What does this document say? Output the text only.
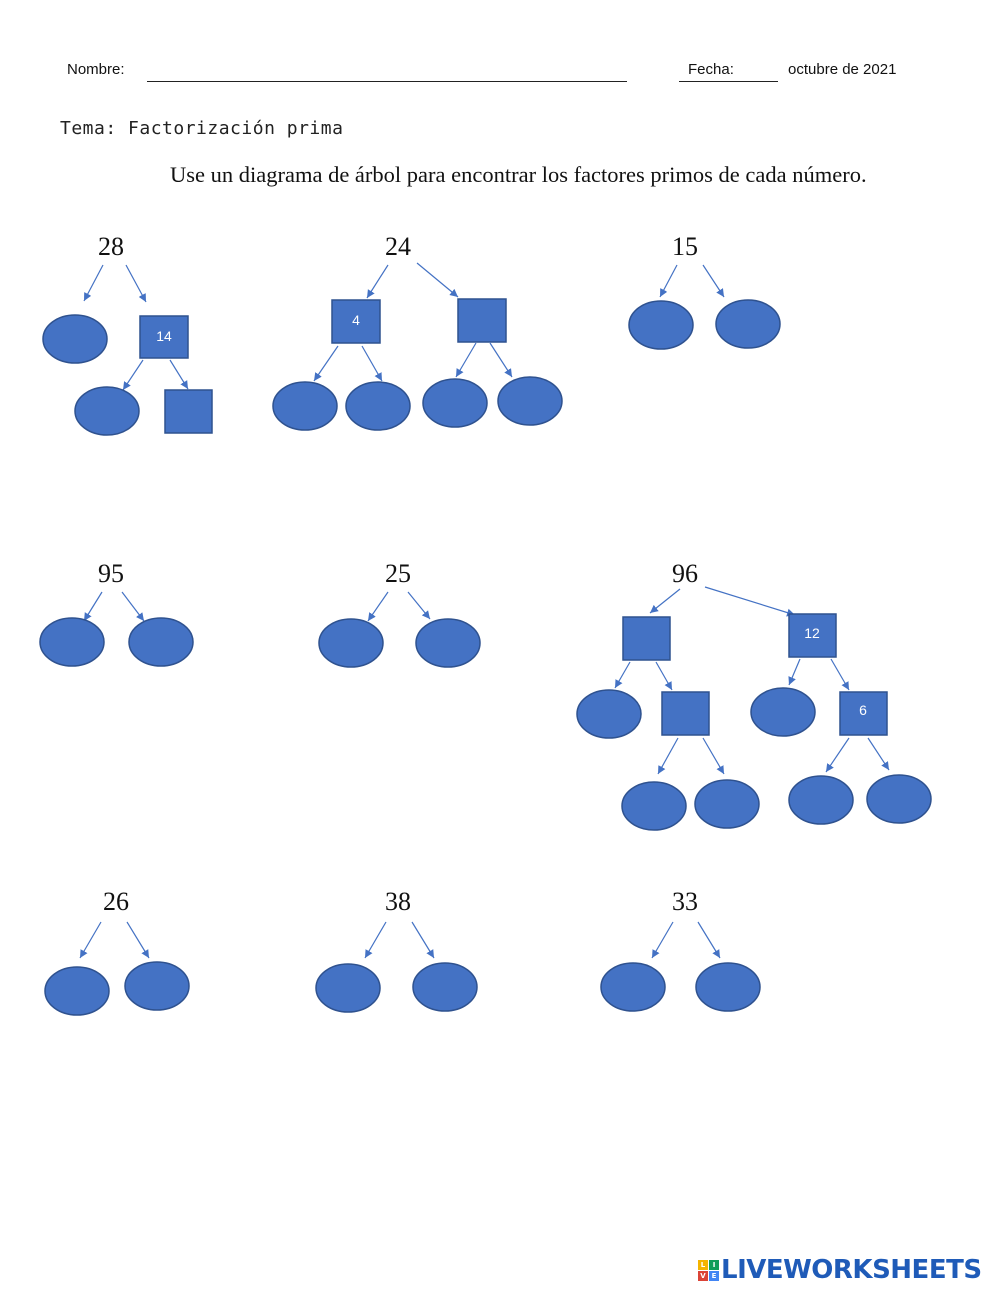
Nombre:	Fecha:	octubre de 2021
Tema: Factorización prima
Use un diagrama de árbol para encontrar los factores primos de cada número.
28
14
24
4
15
95	25	96
12
6
26	38	33
L	I
V E LIVEWORKSHEETS
